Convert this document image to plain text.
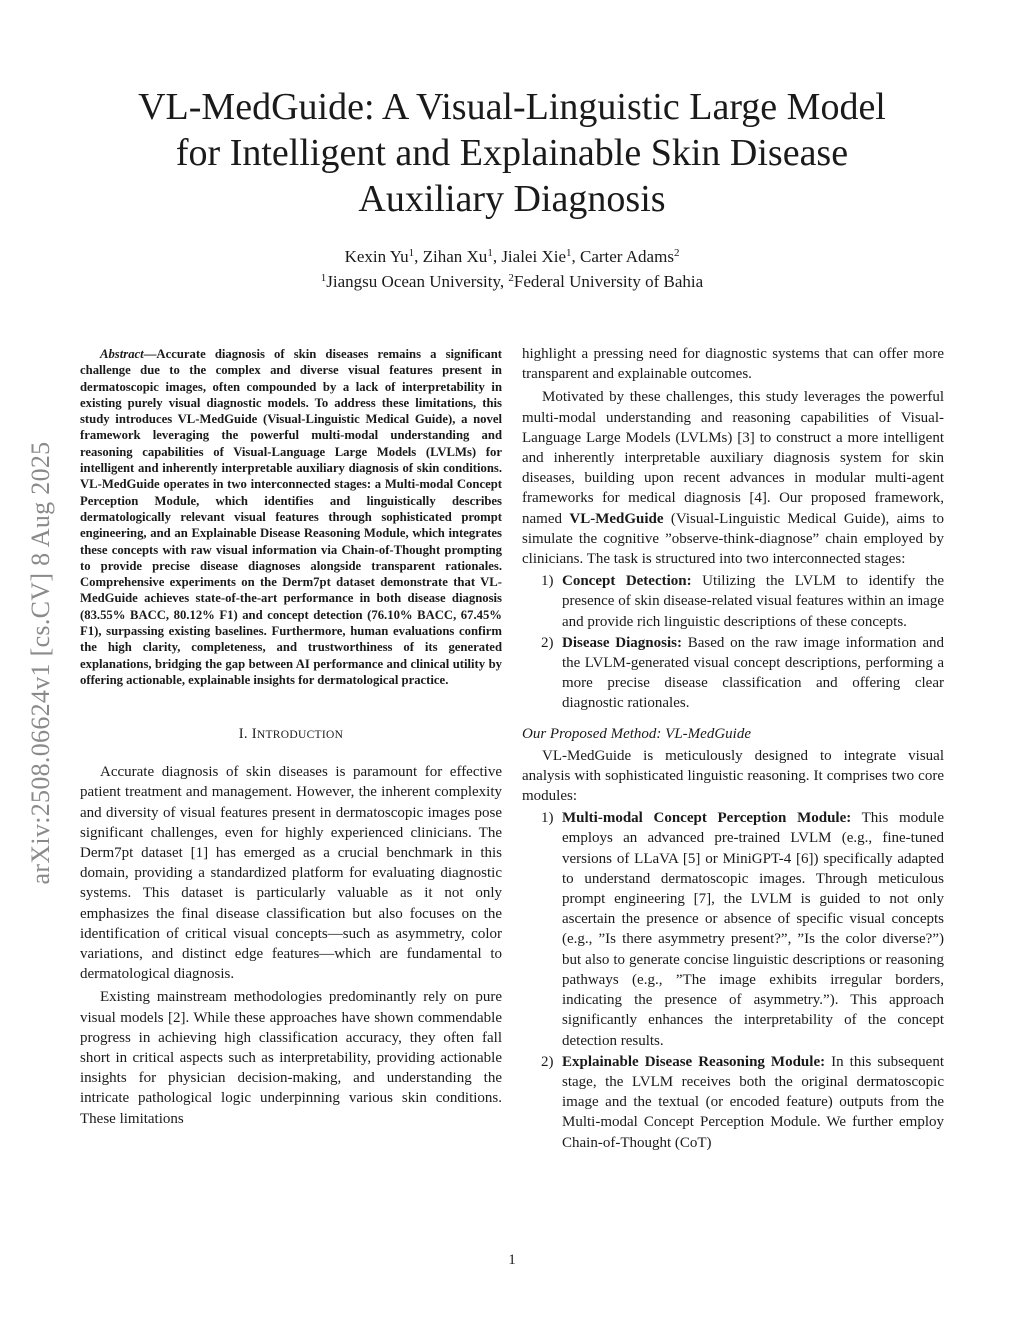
VL-MedGuide: A Visual-Linguistic Large Model
for Intelligent and Explainable Skin Disease
Auxiliary Diagnosis
Kexin Yu$^1$, Zihan Xu$^1$, Jialei Xie$^1$, Carter Adams$^2$
$^1$Jiangsu Ocean University, $^2$Federal University of Bahia
arXiv:2508.06624v1 [cs.CV] 8 Aug 2025

Abstract—Accurate diagnosis of skin diseases remains a significant challenge due to the complex and diverse visual features present in dermatoscopic images, often compounded by a lack of interpretability in existing purely visual diagnostic models. To address these limitations, this study introduces VL-MedGuide (Visual-Linguistic Medical Guide), a novel framework leveraging the powerful multi-modal understanding and reasoning capabilities of Visual-Language Large Models (LVLMs) for intelligent and inherently interpretable auxiliary diagnosis of skin conditions. VL-MedGuide operates in two interconnected stages: a Multi-modal Concept Perception Module, which identifies and linguistically describes dermatologically relevant visual features through sophisticated prompt engineering, and an Explainable Disease Reasoning Module, which integrates these concepts with raw visual information via Chain-of-Thought prompting to provide precise disease diagnoses alongside transparent rationales. Comprehensive experiments on the Derm7pt dataset demonstrate that VL-MedGuide achieves state-of-the-art performance in both disease diagnosis (83.55% BACC, 80.12% F1) and concept detection (76.10% BACC, 67.45% F1), surpassing existing baselines. Furthermore, human evaluations confirm the high clarity, completeness, and trustworthiness of its generated explanations, bridging the gap between AI performance and clinical utility by offering actionable, explainable insights for dermatological practice.

I. INTRODUCTION

Accurate diagnosis of skin diseases is paramount for effective patient treatment and management. However, the inherent complexity and diversity of visual features present in dermatoscopic images pose significant challenges, even for highly experienced clinicians. The Derm7pt dataset [1] has emerged as a crucial benchmark in this domain, providing a standardized platform for evaluating diagnostic systems. This dataset is particularly valuable as it not only emphasizes the final disease classification but also focuses on the identification of critical visual concepts—such as asymmetry, color variations, and distinct edge features—which are fundamental to dermatological diagnosis.

Existing mainstream methodologies predominantly rely on pure visual models [2]. While these approaches have shown commendable progress in achieving high classification accuracy, they often fall short in critical aspects such as interpretability, providing actionable insights for physician decision-making, and understanding the intricate pathological logic underpinning various skin conditions. These limitations

highlight a pressing need for diagnostic systems that can offer more transparent and explainable outcomes.

Motivated by these challenges, this study leverages the powerful multi-modal understanding and reasoning capabilities of Visual-Language Large Models (LVLMs) [3] to construct a more intelligent and inherently interpretable auxiliary diagnosis system for skin diseases, building upon recent advances in modular multi-agent frameworks for medical diagnosis [4]. Our proposed framework, named VL-MedGuide (Visual-Linguistic Medical Guide), aims to simulate the cognitive ”observe-think-diagnose” chain employed by clinicians. The task is structured into two interconnected stages:

1) Concept Detection: Utilizing the LVLM to identify the presence of skin disease-related visual features within an image and provide rich linguistic descriptions of these concepts.
2) Disease Diagnosis: Based on the raw image information and the LVLM-generated visual concept descriptions, performing a more precise disease classification and offering clear diagnostic rationales.
Our Proposed Method: VL-MedGuide

VL-MedGuide is meticulously designed to integrate visual analysis with sophisticated linguistic reasoning. It comprises two core modules:

1) Multi-modal Concept Perception Module: This module employs an advanced pre-trained LVLM (e.g., fine-tuned versions of LLaVA [5] or MiniGPT-4 [6]) specifically adapted to understand dermatoscopic images. Through meticulous prompt engineering [7], the LVLM is guided to not only ascertain the presence or absence of specific visual concepts (e.g., ”Is there asymmetry present?”, ”Is the color diverse?”) but also to generate concise linguistic descriptions or reasoning pathways (e.g., ”The image exhibits irregular borders, indicating the presence of asymmetry.”). This approach significantly enhances the interpretability of the concept detection results.
2) Explainable Disease Reasoning Module: In this subsequent stage, the LVLM receives both the original dermatoscopic image and the textual (or encoded feature) outputs from the Multi-modal Concept Perception Module. We further employ Chain-of-Thought (CoT)
1
